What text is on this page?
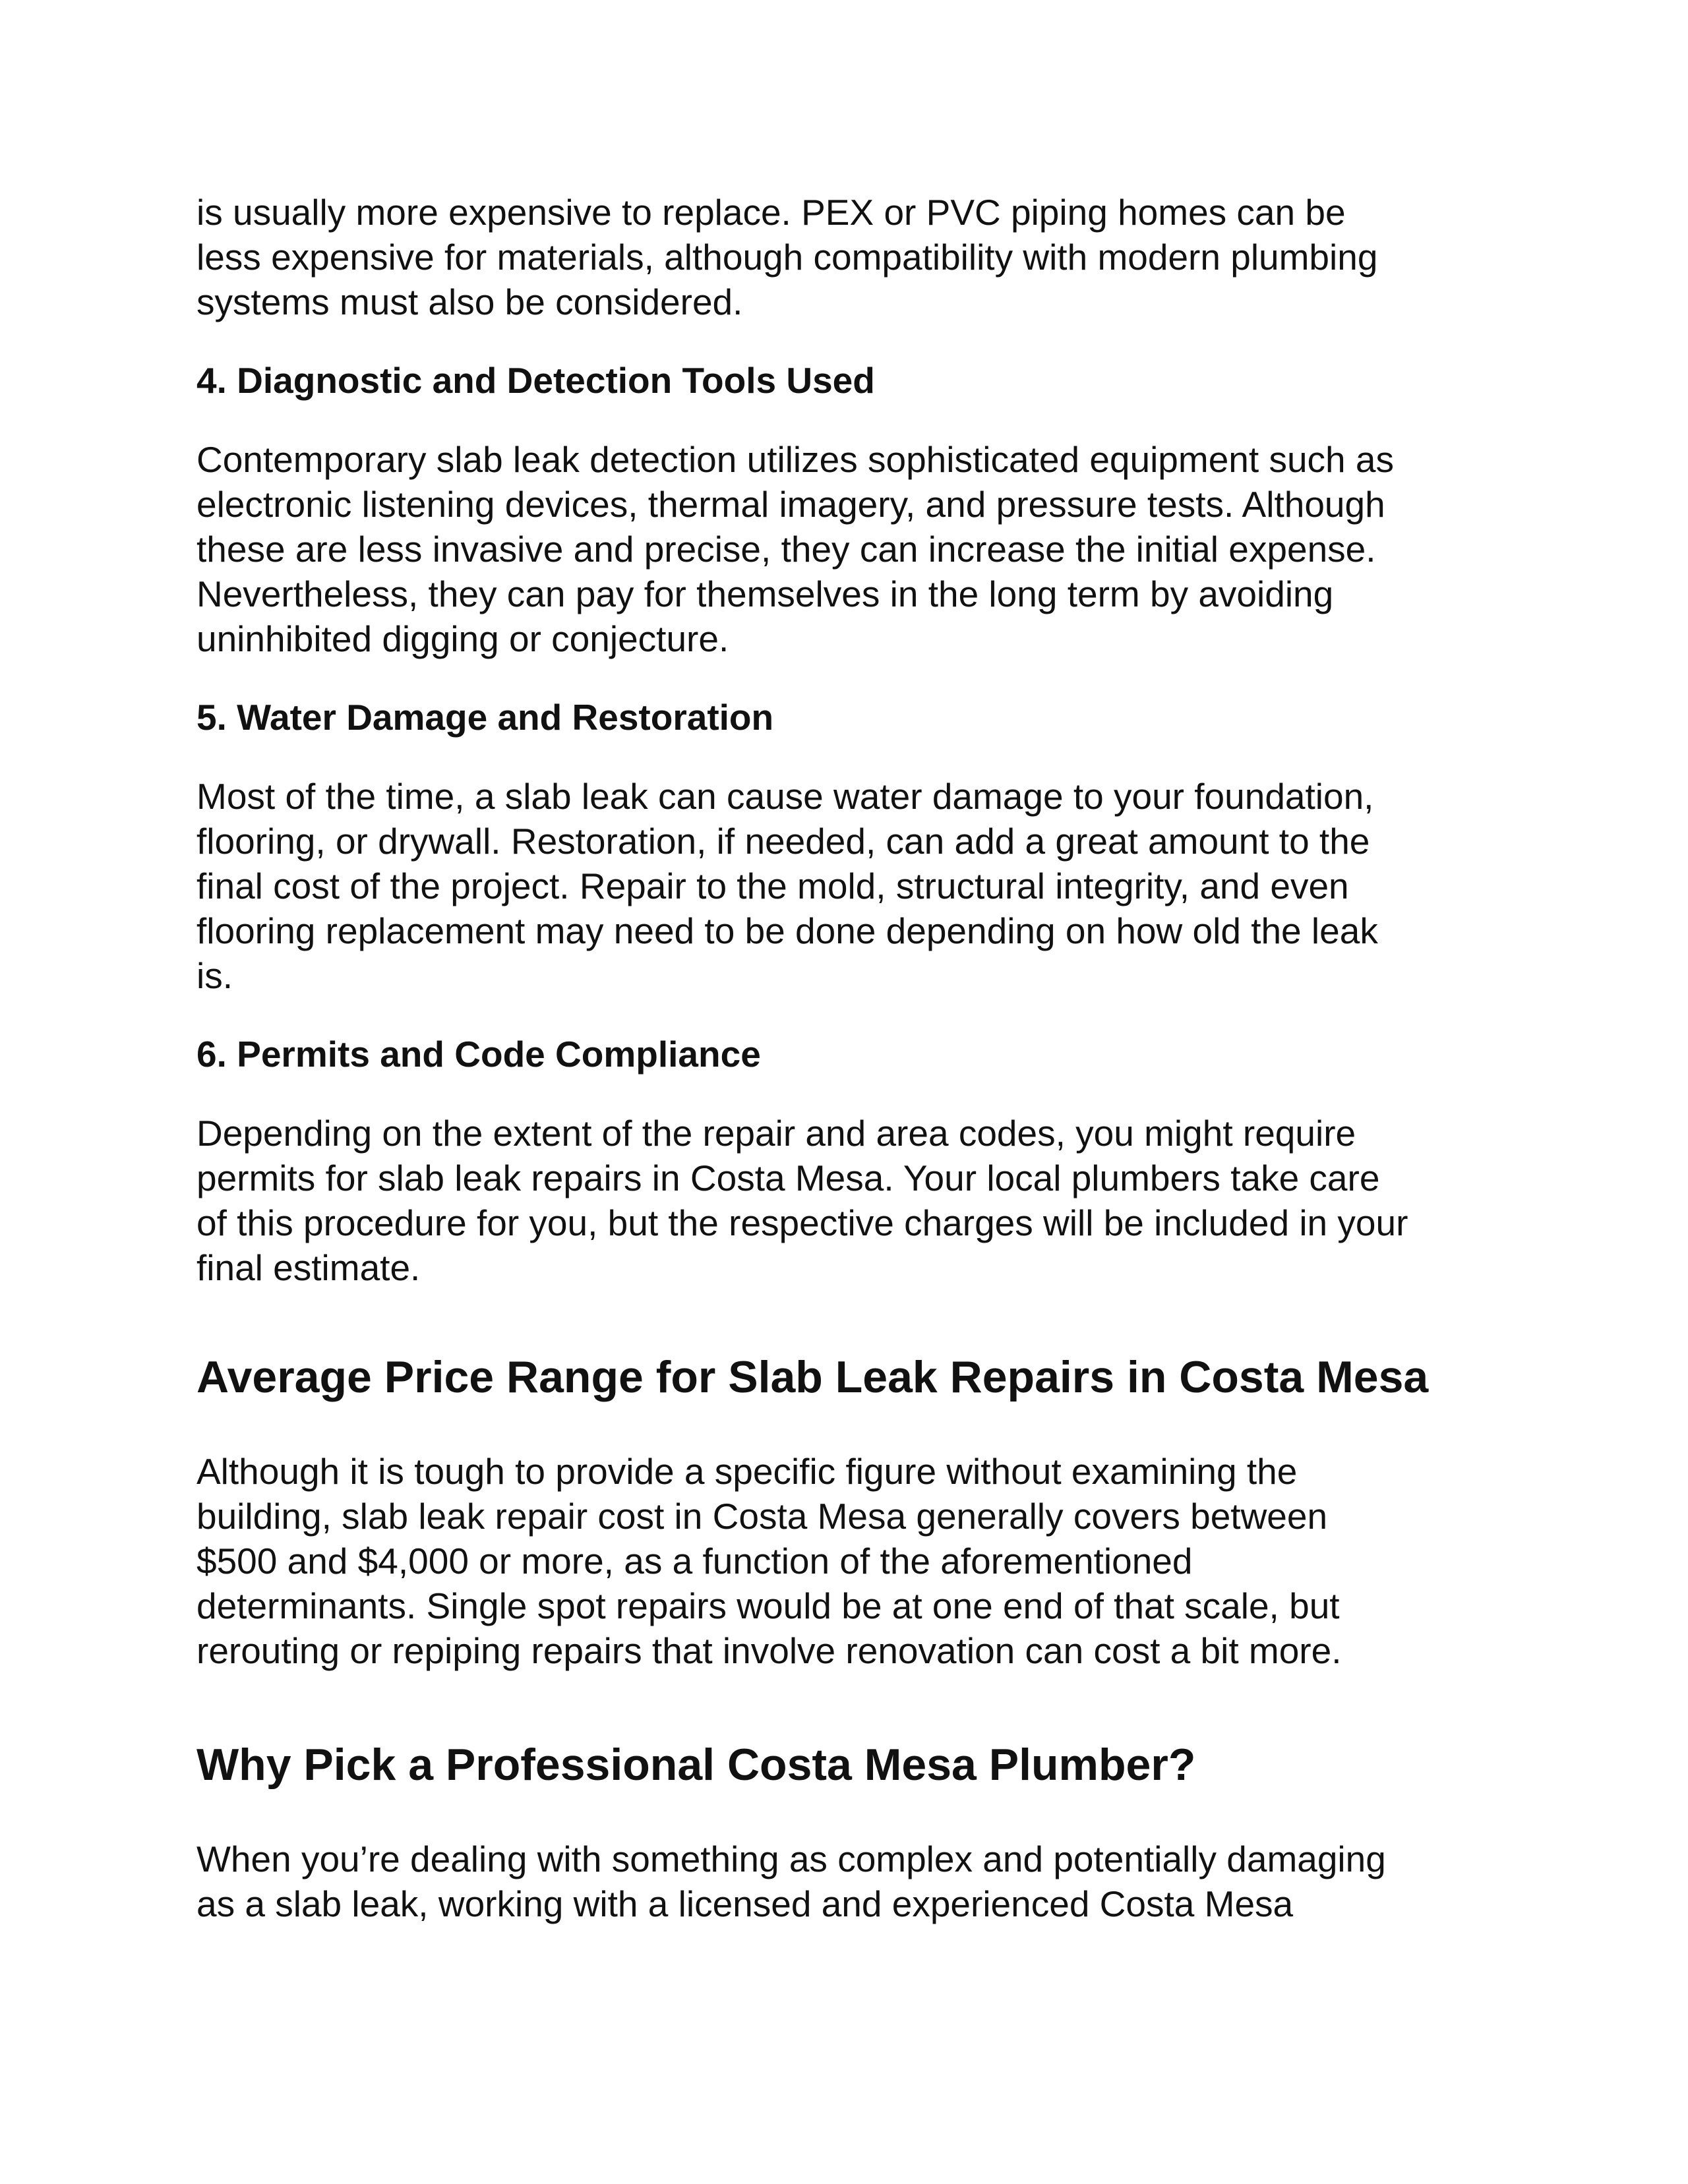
is usually more expensive to replace. PEX or PVC piping homes can be
less expensive for materials, although compatibility with modern plumbing
systems must also be considered.

4. Diagnostic and Detection Tools Used

Contemporary slab leak detection utilizes sophisticated equipment such as
electronic listening devices, thermal imagery, and pressure tests. Although
these are less invasive and precise, they can increase the initial expense.
Nevertheless, they can pay for themselves in the long term by avoiding
uninhibited digging or conjecture.

5. Water Damage and Restoration

Most of the time, a slab leak can cause water damage to your foundation,
flooring, or drywall. Restoration, if needed, can add a great amount to the
final cost of the project. Repair to the mold, structural integrity, and even
flooring replacement may need to be done depending on how old the leak
is.

6. Permits and Code Compliance

Depending on the extent of the repair and area codes, you might require
permits for slab leak repairs in Costa Mesa. Your local plumbers take care
of this procedure for you, but the respective charges will be included in your
final estimate.

Average Price Range for Slab Leak Repairs in Costa Mesa

Although it is tough to provide a specific figure without examining the
building, slab leak repair cost in Costa Mesa generally covers between
$500 and $4,000 or more, as a function of the aforementioned
determinants. Single spot repairs would be at one end of that scale, but
rerouting or repiping repairs that involve renovation can cost a bit more.

Why Pick a Professional Costa Mesa Plumber?

When you’re dealing with something as complex and potentially damaging
as a slab leak, working with a licensed and experienced Costa Mesa
